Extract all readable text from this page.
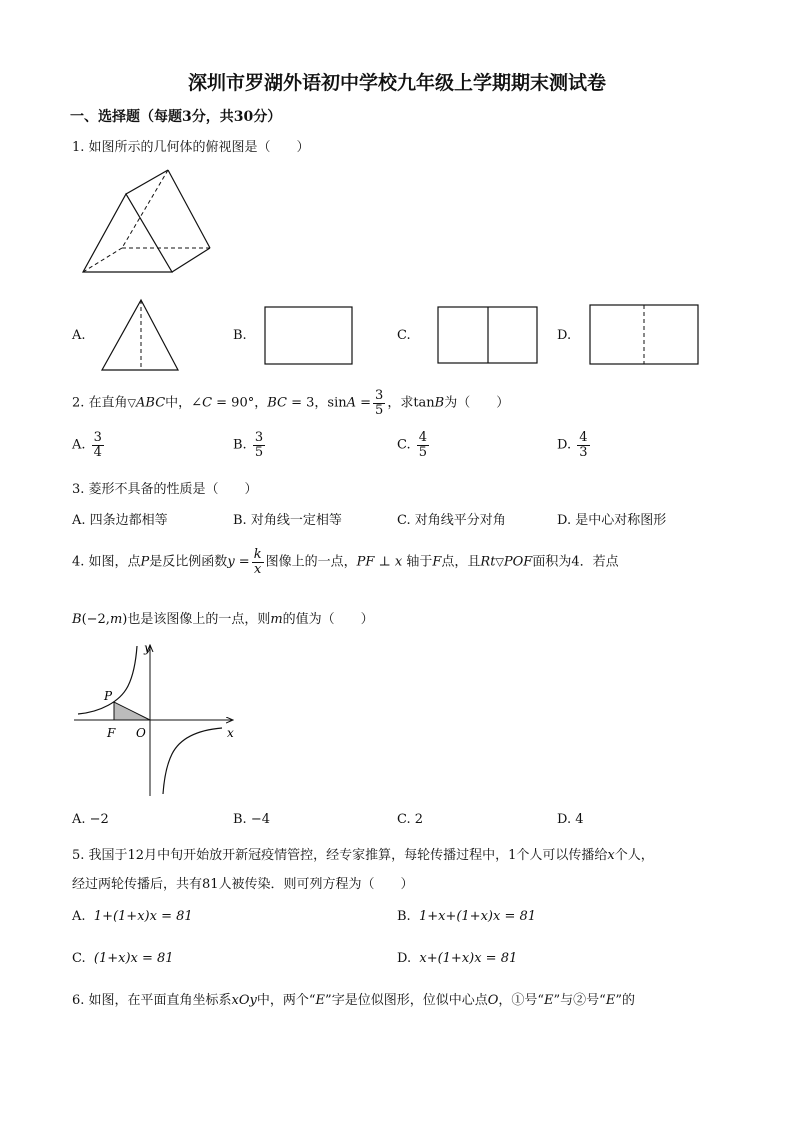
深圳市罗湖外语初中学校九年级上学期期末测试卷
一、选择题（每题3分，共30分）
1. 如图所示的几何体的俯视图是（　　）
A.	B.	C.	D.
2. 在直角▽ABC中，∠C = 90°，BC = 3，$\sin A = \frac{3}{5}$ ，求tanB为（　　）
A. $\frac{3}{4}$	B. $\frac{3}{5}$	C. $\frac{4}{5}$	D. $\frac{4}{3}$
3. 菱形不具备的性质是（　　）
A. 四条边都相等	B. 对角线一定相等	C. 对角线平分对角	D. 是中心对称图形
4. 如图，点P是反比例函数$y = \frac{k}{x}$ 图像上的一点，PF ⊥ x 轴于F点，且Rt▽POF面积为4．若点
B(−2,m)也是该图像上的一点，则m的值为（　　）
y
x
P
F O
A. −2	B. −4	C. 2	D. 4
5. 我国于12月中旬开始放开新冠疫情管控，经专家推算，每轮传播过程中，1个人可以传播给x个人，
经过两轮传播后，共有81人被传染．则可列方程为（　　）
A. 1+(1+x)x = 81	B. 1+x+(1+x)x = 81
C. (1+x)x = 81	D. x+(1+x)x = 81
6. 如图，在平面直角坐标系xOy中，两个“E”字是位似图形，位似中心点O，①号“E”与②号“E”的
